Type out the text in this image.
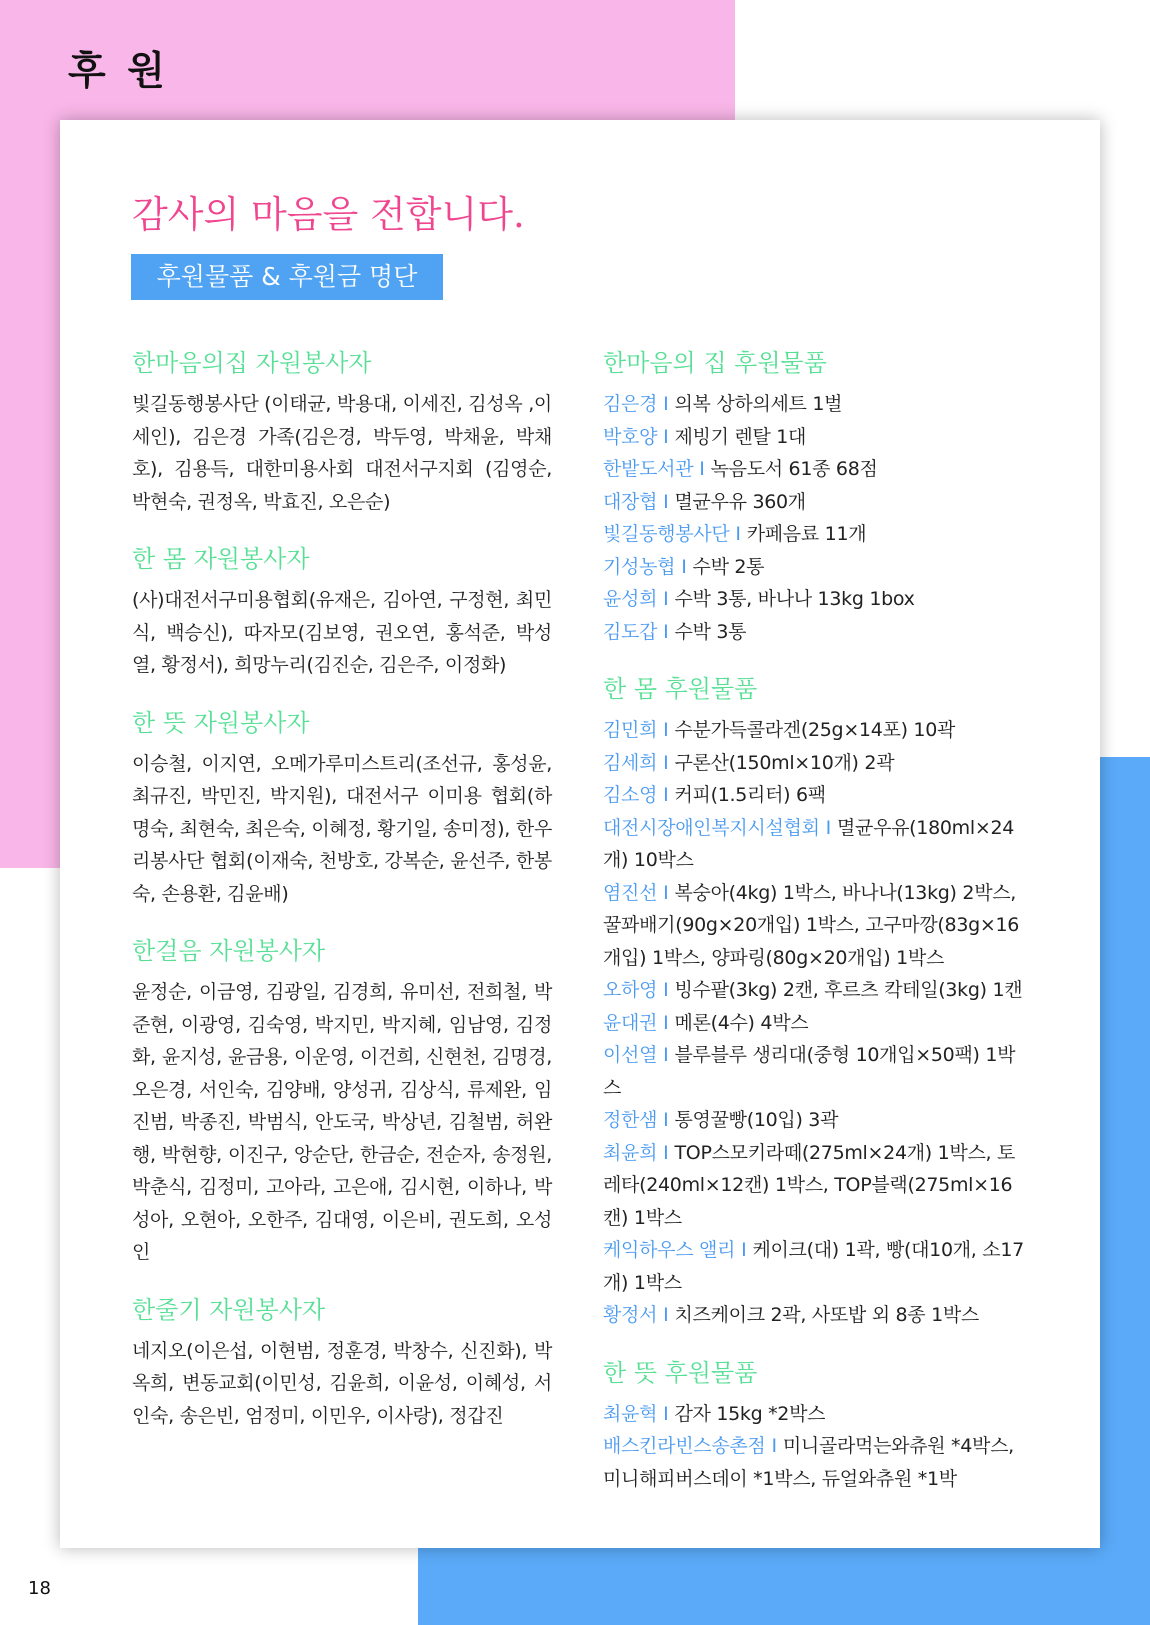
후 원
감사의 마음을 전합니다.
후원물품 & 후원금 명단
한마음의집 자원봉사자
빛길동행봉사단 (이태균, 박용대, 이세진, 김성옥 ,이세인), 김은경 가족(김은경, 박두영, 박채윤, 박채호), 김용득, 대한미용사회 대전서구지회 (김영순, 박현숙, 권정옥, 박효진, 오은순)
한 몸 자원봉사자
(사)대전서구미용협회(유재은, 김아연, 구정현, 최민식, 백승신), 따자모(김보영, 권오연, 홍석준, 박성열, 황정서), 희망누리(김진순, 김은주, 이정화)
한 뜻 자원봉사자
이승철, 이지연, 오메가루미스트리(조선규, 홍성윤, 최규진, 박민진, 박지원), 대전서구 이미용 협회(하명숙, 최현숙, 최은숙, 이혜정, 황기일, 송미정), 한우리봉사단 협회(이재숙, 천방호, 강복순, 윤선주, 한봉숙, 손용환, 김윤배)
한걸음 자원봉사자
윤정순, 이금영, 김광일, 김경희, 유미선, 전희철, 박준현, 이광영, 김숙영, 박지민, 박지혜, 임남영, 김정화, 윤지성, 윤금용, 이운영, 이건희, 신현천, 김명경, 오은경, 서인숙, 김양배, 양성귀, 김상식, 류제완, 임진범, 박종진, 박범식, 안도국, 박상년, 김철범, 허완행, 박현향, 이진구, 앙순단, 한금순, 전순자, 송정원, 박춘식, 김정미, 고아라, 고은애, 김시현, 이하나, 박성아, 오현아, 오한주, 김대영, 이은비, 권도희, 오성인
한줄기 자원봉사자
네지오(이은섭, 이현범, 정훈경, 박창수, 신진화), 박옥희, 변동교회(이민성, 김윤희, 이윤성, 이혜성, 서인숙, 송은빈, 엄정미, 이민우, 이사랑), 정갑진
한마음의 집 후원물품
김은경 I 의복 상하의세트 1벌
박호양 I 제빙기 렌탈 1대
한밭도서관 I 녹음도서 61종 68점
대장협 I 멸균우유 360개
빛길동행봉사단 I 카페음료 11개
기성농협 I 수박 2통
윤성희 I 수박 3통, 바나나 13kg 1box
김도갑 I 수박 3통
한 몸 후원물품
김민희 I 수분가득콜라겐(25g×14포) 10곽
김세희 I 구론산(150ml×10개) 2곽
김소영 I 커피(1.5리터) 6팩
대전시장애인복지시설협회 I 멸균우유(180ml×24개) 10박스
염진선 I 복숭아(4kg) 1박스, 바나나(13kg) 2박스, 꿀꽈배기(90g×20개입) 1박스, 고구마깡(83g×16개입) 1박스, 양파링(80g×20개입) 1박스
오하영 I 빙수팥(3kg) 2캔, 후르츠 칵테일(3kg) 1캔
윤대권 I 메론(4수) 4박스
이선열 I 블루블루 생리대(중형 10개입×50팩) 1박스
정한샘 I 통영꿀빵(10입) 3곽
최윤희 I TOP스모키라떼(275ml×24개) 1박스, 토레타(240ml×12캔) 1박스, TOP블랙(275ml×16캔) 1박스
케익하우스 앨리 I 케이크(대) 1곽, 빵(대10개, 소17개) 1박스
황정서 I 치즈케이크 2곽, 사또밥 외 8종 1박스
한 뜻 후원물품
최윤혁 I 감자 15kg *2박스
배스킨라빈스송촌점 I 미니골라먹는와츄원 *4박스, 미니해피버스데이 *1박스, 듀얼와츄원 *1박
18
